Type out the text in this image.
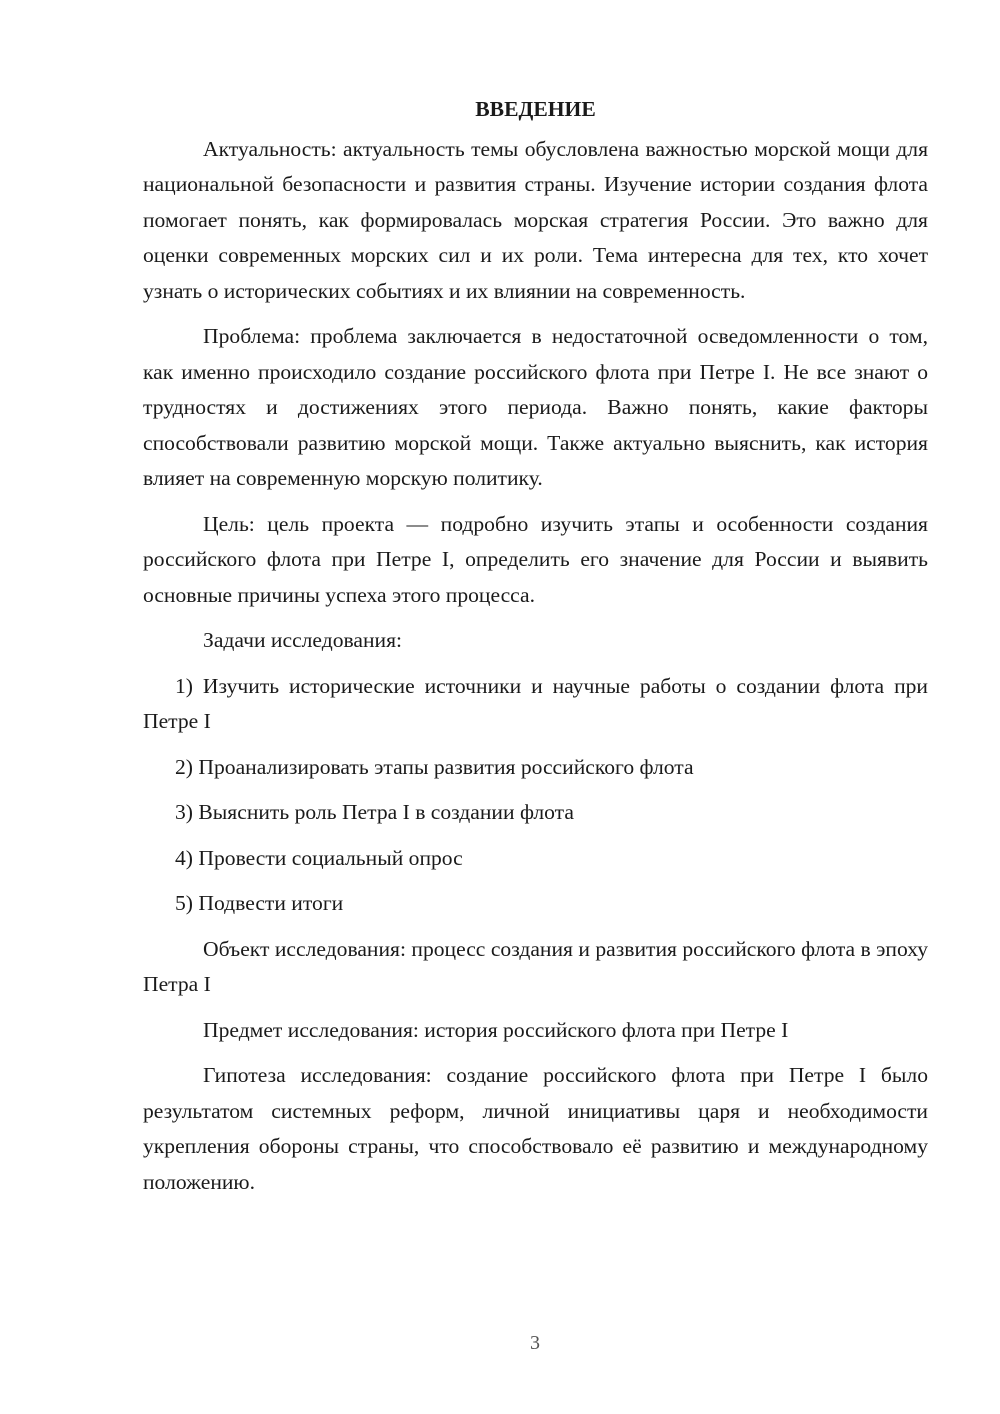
ВВЕДЕНИЕ

Актуальность: актуальность темы обусловлена важностью морской мощи для национальной безопасности и развития страны. Изучение истории создания флота помогает понять, как формировалась морская стратегия России. Это важно для оценки современных морских сил и их роли. Тема интересна для тех, кто хочет узнать о исторических событиях и их влиянии на современность.

Проблема: проблема заключается в недостаточной осведомленности о том, как именно происходило создание российского флота при Петре I. Не все знают о трудностях и достижениях этого периода. Важно понять, какие факторы способствовали развитию морской мощи. Также актуально выяснить, как история влияет на современную морскую политику.

Цель: цель проекта — подробно изучить этапы и особенности создания российского флота при Петре I, определить его значение для России и выявить основные причины успеха этого процесса.

Задачи исследования:

1) Изучить исторические источники и научные работы о создании флота при Петре I

2) Проанализировать этапы развития российского флота

3) Выяснить роль Петра I в создании флота

4) Провести социальный опрос

5) Подвести итоги

Объект исследования: процесс создания и развития российского флота в эпоху Петра I

Предмет исследования: история российского флота при Петре I

Гипотеза исследования: создание российского флота при Петре I было результатом системных реформ, личной инициативы царя и необходимости укрепления обороны страны, что способствовало её развитию и международному положению.

3
